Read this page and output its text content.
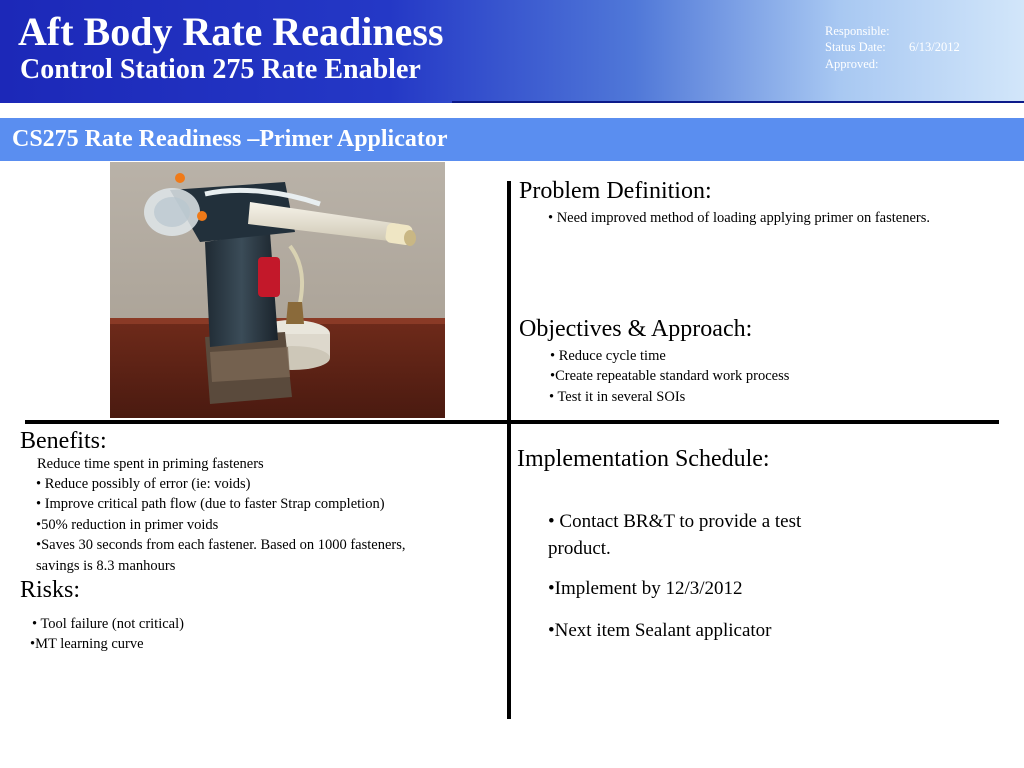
Aft Body Rate Readiness
Control Station 275 Rate Enabler
Responsible:
Status Date: 6/13/2012
Approved:
CS275 Rate Readiness –Primer Applicator
Problem Definition:
• Need improved method of loading applying primer on fasteners.
Objectives & Approach:
• Reduce cycle time
•Create repeatable standard work process
• Test it in several SOIs
Benefits:
Reduce time spent in priming fasteners
• Reduce possibly of error (ie: voids)
• Improve critical path flow (due to faster Strap completion)
•50% reduction in primer voids
•Saves 30 seconds from each fastener. Based on 1000 fasteners,
savings is 8.3 manhours
Risks:
• Tool failure (not critical)
•MT learning curve
Implementation Schedule:
• Contact BR&T to provide a test
product.
•Implement by 12/3/2012
•Next item Sealant applicator
